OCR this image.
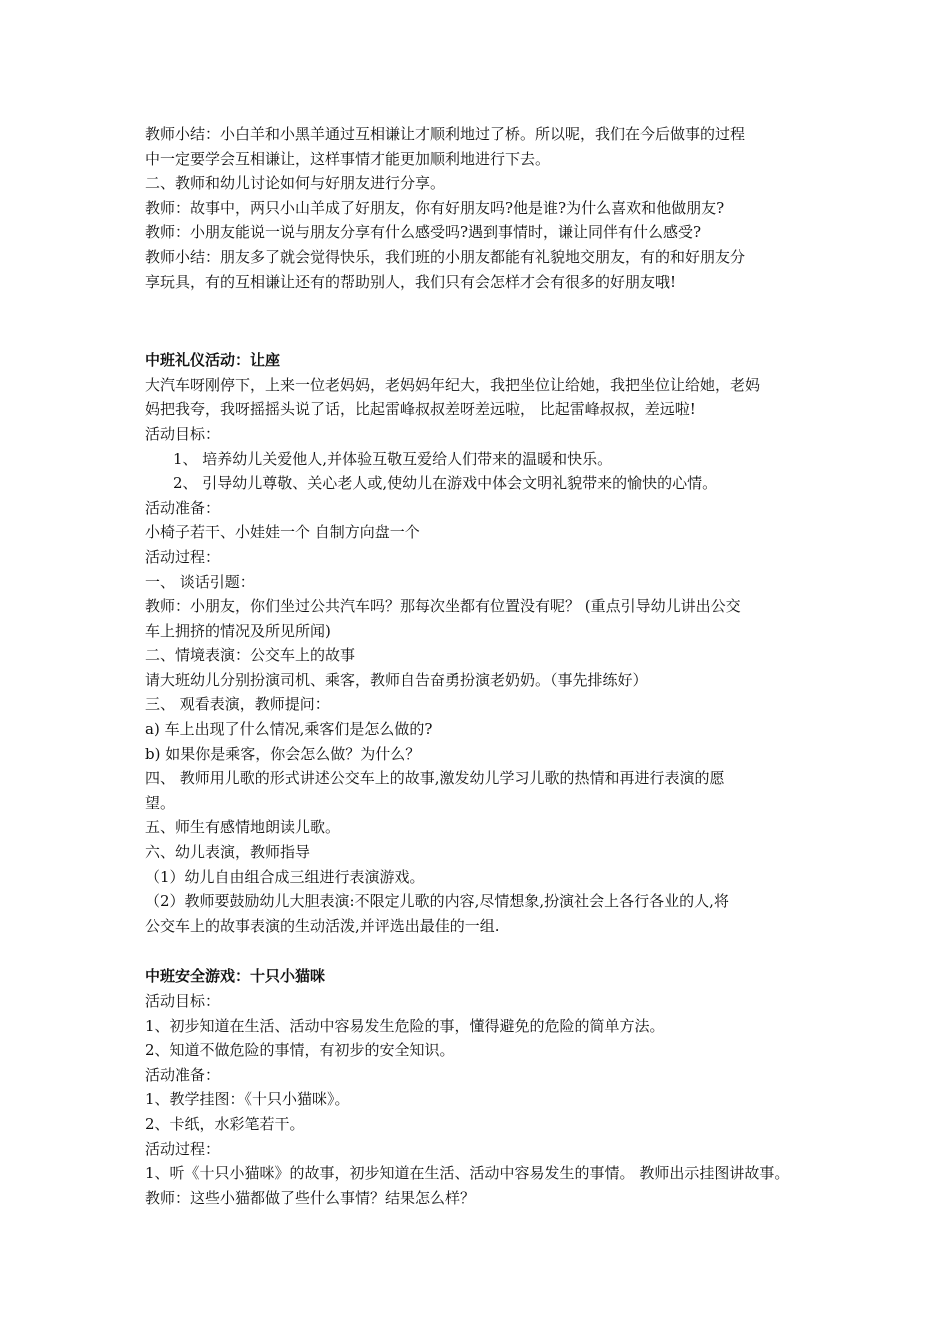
教师小结：小白羊和小黑羊通过互相谦让才顺利地过了桥。所以呢，我们在今后做事的过程
中一定要学会互相谦让，这样事情才能更加顺利地进行下去。
二、教师和幼儿讨论如何与好朋友进行分享。
教师：故事中，两只小山羊成了好朋友，你有好朋友吗?他是谁?为什么喜欢和他做朋友?
教师：小朋友能说一说与朋友分享有什么感受吗?遇到事情时，谦让同伴有什么感受?
教师小结：朋友多了就会觉得快乐，我们班的小朋友都能有礼貌地交朋友，有的和好朋友分
享玩具，有的互相谦让还有的帮助别人，我们只有会怎样才会有很多的好朋友哦!
中班礼仪活动：让座
大汽车呀刚停下，上来一位老妈妈，老妈妈年纪大，我把坐位让给她，我把坐位让给她，老妈
妈把我夸，我呀摇摇头说了话，比起雷峰叔叔差呀差远啦， 比起雷峰叔叔，差远啦!
活动目标：
1、 培养幼儿关爱他人,并体验互敬互爱给人们带来的温暖和快乐。
2、 引导幼儿尊敬、关心老人或,使幼儿在游戏中体会文明礼貌带来的愉快的心情。
活动准备：
小椅子若干、小娃娃一个 自制方向盘一个
活动过程：
一、 谈话引题：
教师：小朋友，你们坐过公共汽车吗？那每次坐都有位置没有呢？ (重点引导幼儿讲出公交
车上拥挤的情况及所见所闻)
二、情境表演：公交车上的故事
请大班幼儿分别扮演司机、乘客，教师自告奋勇扮演老奶奶。（事先排练好）
三、 观看表演，教师提问：
a) 车上出现了什么情况,乘客们是怎么做的?
b) 如果你是乘客，你会怎么做？为什么？
四、 教师用儿歌的形式讲述公交车上的故事,激发幼儿学习儿歌的热情和再进行表演的愿
望。
五、师生有感情地朗读儿歌。
六、幼儿表演，教师指导
（1）幼儿自由组合成三组进行表演游戏。
（2）教师要鼓励幼儿大胆表演:不限定儿歌的内容,尽情想象,扮演社会上各行各业的人,将
公交车上的故事表演的生动活泼,并评选出最佳的一组.
中班安全游戏：十只小猫咪
活动目标：
1、初步知道在生活、活动中容易发生危险的事，懂得避免的危险的简单方法。
2、知道不做危险的事情，有初步的安全知识。
活动准备：
1、教学挂图：《十只小猫咪》。
2、卡纸，水彩笔若干。
活动过程：
1、听《十只小猫咪》的故事，初步知道在生活、活动中容易发生的事情。 教师出示挂图讲故事。
教师：这些小猫都做了些什么事情？结果怎么样？
